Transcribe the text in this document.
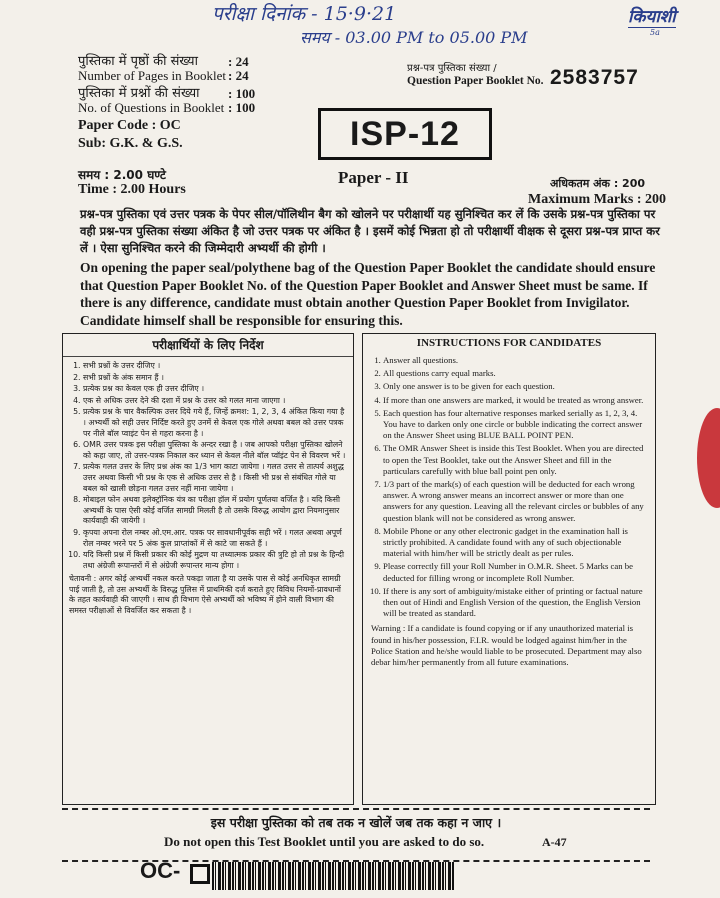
परीक्षा दिनांक - 15·9·21
समय - 03.00 PM to 05.00 PM
कियाशी
5a
पुस्तिका में पृष्ठों की संख्या : 24
Number of Pages in Booklet : 24
पुस्तिका में प्रश्नों की संख्या : 100
No. of Questions in Booklet : 100
Paper Code : OC
Sub: G.K. & G.S.
प्रश्न-पत्र पुस्तिका संख्या /
Question Paper Booklet No. 2583757
ISP-12
समय : 2.00 घण्टे
Time : 2.00 Hours
Paper - II	अधिकतम अंक : 200
Maximum Marks : 200
प्रश्न-पत्र पुस्तिका एवं उत्तर पत्रक के पेपर सील/पॉलिथीन बैग को खोलने पर परीक्षार्थी यह सुनिश्चित कर लें कि उसके प्रश्न-पत्र पुस्तिका पर वही प्रश्न-पत्र पुस्तिका संख्या अंकित है जो उत्तर पत्रक पर अंकित है । इसमें कोई भिन्नता हो तो परीक्षार्थी वीक्षक से दूसरा प्रश्न-पत्र प्राप्त कर लें । ऐसा सुनिश्चित करने की जिम्मेदारी अभ्यर्थी की होगी ।
On opening the paper seal/polythene bag of the Question Paper Booklet the candidate should ensure that Question Paper Booklet No. of the Question Paper Booklet and Answer Sheet must be same. If there is any difference, candidate must obtain another Question Paper Booklet from Invigilator. Candidate himself shall be responsible for ensuring this.
परीक्षार्थियों के लिए निर्देश
1. सभी प्रश्नों के उत्तर दीजिए ।
2. सभी प्रश्नों के अंक समान हैं ।
3. प्रत्येक प्रश्न का केवल एक ही उत्तर दीजिए ।
4. एक से अधिक उत्तर देने की दशा में प्रश्न के उत्तर को गलत माना जाएगा ।
5. प्रत्येक प्रश्न के चार वैकल्पिक उत्तर दिये गये हैं, जिन्हें क्रमश: 1, 2, 3, 4 अंकित किया गया है । अभ्यर्थी को सही उत्तर निर्दिष्ट करते हुए उनमें से केवल एक गोले अथवा बबल को उत्तर पत्रक पर नीले बॉल प्वाइंट पेन से गहरा करना है ।
6. OMR उत्तर पत्रक इस परीक्षा पुस्तिका के अन्दर रखा है । जब आपको परीक्षा पुस्तिका खोलने को कहा जाए, तो उत्तर-पत्रक निकाल कर ध्यान से केवल नीले बॉल प्वॉइंट पेन से विवरण भरें ।
7. प्रत्येक गलत उत्तर के लिए प्रश्न अंक का 1/3 भाग काटा जायेगा । गलत उत्तर से तात्पर्य अशुद्ध उत्तर अथवा किसी भी प्रश्न के एक से अधिक उत्तर से है । किसी भी प्रश्न से संबंधित गोले या बबल को खाली छोड़ना गलत उत्तर नहीं माना जायेगा ।
8. मोबाइल फोन अथवा इलेक्ट्रॉनिक यंत्र का परीक्षा हॉल में प्रयोग पूर्णतया वर्जित है । यदि किसी अभ्यर्थी के पास ऐसी कोई वर्जित सामग्री मिलती है तो उसके विरुद्ध आयोग द्वारा नियमानुसार कार्यवाही की जायेगी ।
9. कृपया अपना रोल नम्बर ओ.एम.आर. पत्रक पर सावधानीपूर्वक सही भरें । गलत अथवा अपूर्ण रोल नम्बर भरने पर 5 अंक कुल प्राप्तांकों में से काटे जा सकते हैं ।
10. यदि किसी प्रश्न में किसी प्रकार की कोई मुद्रण या तथ्यात्मक प्रकार की त्रुटि हो तो प्रश्न के हिन्दी तथा अंग्रेजी रूपान्तरों में से अंग्रेजी रूपान्तर मान्य होगा ।
चेतावनी : अगर कोई अभ्यर्थी नकल करते पकड़ा जाता है या उसके पास से कोई अनधिकृत सामग्री पाई जाती है, तो उस अभ्यर्थी के विरुद्ध पुलिस में प्राथमिकी दर्ज कराते हुए विविध नियमों-प्रावधानों के तहत कार्यवाही की जाएगी । साथ ही विभाग ऐसे अभ्यर्थी को भविष्य में होने वाली विभाग की समस्त परीक्षाओं से विवर्जित कर सकता है ।
INSTRUCTIONS FOR CANDIDATES
1. Answer all questions.
2. All questions carry equal marks.
3. Only one answer is to be given for each question.
4. If more than one answers are marked, it would be treated as wrong answer.
5. Each question has four alternative responses marked serially as 1, 2, 3, 4. You have to darken only one circle or bubble indicating the correct answer on the Answer Sheet using BLUE BALL POINT PEN.
6. The OMR Answer Sheet is inside this Test Booklet. When you are directed to open the Test Booklet, take out the Answer Sheet and fill in the particulars carefully with blue ball point pen only.
7. 1/3 part of the mark(s) of each question will be deducted for each wrong answer. A wrong answer means an incorrect answer or more than one answers for any question. Leaving all the relevant circles or bubbles of any question blank will not be considered as wrong answer.
8. Mobile Phone or any other electronic gadget in the examination hall is strictly prohibited. A candidate found with any of such objectionable material with him/her will be strictly dealt as per rules.
9. Please correctly fill your Roll Number in O.M.R. Sheet. 5 Marks can be deducted for filling wrong or incomplete Roll Number.
10. If there is any sort of ambiguity/mistake either of printing or factual nature then out of Hindi and English Version of the question, the English Version will be treated as standard.
Warning : If a candidate is found copying or if any unauthorized material is found in his/her possession, F.I.R. would be lodged against him/her in the Police Station and he/she would liable to be prosecuted. Department may also debar him/her permanently from all future examinations.
इस परीक्षा पुस्तिका को तब तक न खोलें जब तक कहा न जाए ।
Do not open this Test Booklet until you are asked to do so.	A-47
OC-
